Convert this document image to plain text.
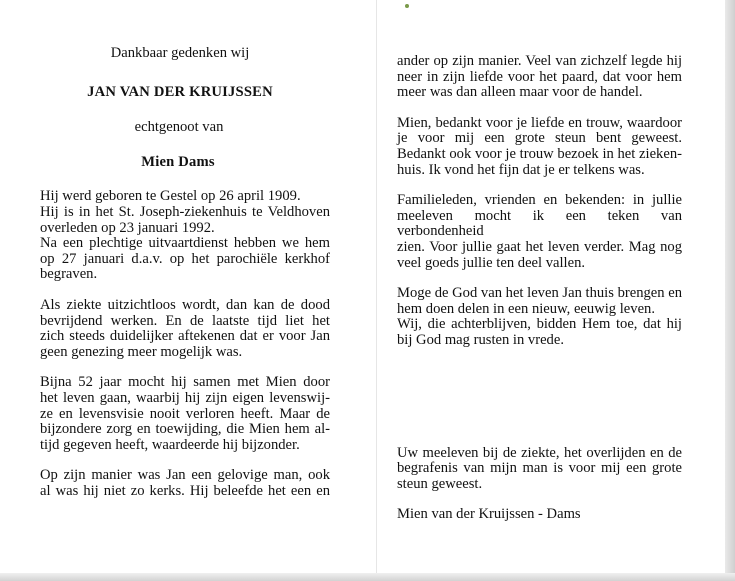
Dankbaar gedenken wij
JAN VAN DER KRUIJSSEN
echtgenoot van
Mien Dams
Hij werd geboren te Gestel op 26 april 1909.
Hij is in het St. Joseph-ziekenhuis te Veldhoven
overleden op 23 januari 1992.
Na een plechtige uitvaartdienst hebben we hem
op 27 januari d.a.v. op het parochiële kerkhof
begraven.
Als ziekte uitzichtloos wordt, dan kan de dood
bevrijdend werken. En de laatste tijd liet het
zich steeds duidelijker aftekenen dat er voor Jan
geen genezing meer mogelijk was.
Bijna 52 jaar mocht hij samen met Mien door
het leven gaan, waarbij hij zijn eigen levenswij-
ze en levensvisie nooit verloren heeft. Maar de
bijzondere zorg en toewijding, die Mien hem al-
tijd gegeven heeft, waardeerde hij bijzonder.
Op zijn manier was Jan een gelovige man, ook
al was hij niet zo kerks. Hij beleefde het een en
ander op zijn manier. Veel van zichzelf legde hij
neer in zijn liefde voor het paard, dat voor hem
meer was dan alleen maar voor de handel.
Mien, bedankt voor je liefde en trouw, waardoor
je voor mij een grote steun bent geweest.
Bedankt ook voor je trouw bezoek in het zieken-
huis. Ik vond het fijn dat je er telkens was.
Familieleden, vrienden en bekenden: in jullie
meeleven mocht ik een teken van verbondenheid
zien. Voor jullie gaat het leven verder. Mag nog
veel goeds jullie ten deel vallen.
Moge de God van het leven Jan thuis brengen en
hem doen delen in een nieuw, eeuwig leven.
Wij, die achterblijven, bidden Hem toe, dat hij
bij God mag rusten in vrede.
Uw meeleven bij de ziekte, het overlijden en de
begrafenis van mijn man is voor mij een grote
steun geweest.
Mien van der Kruijssen - Dams
